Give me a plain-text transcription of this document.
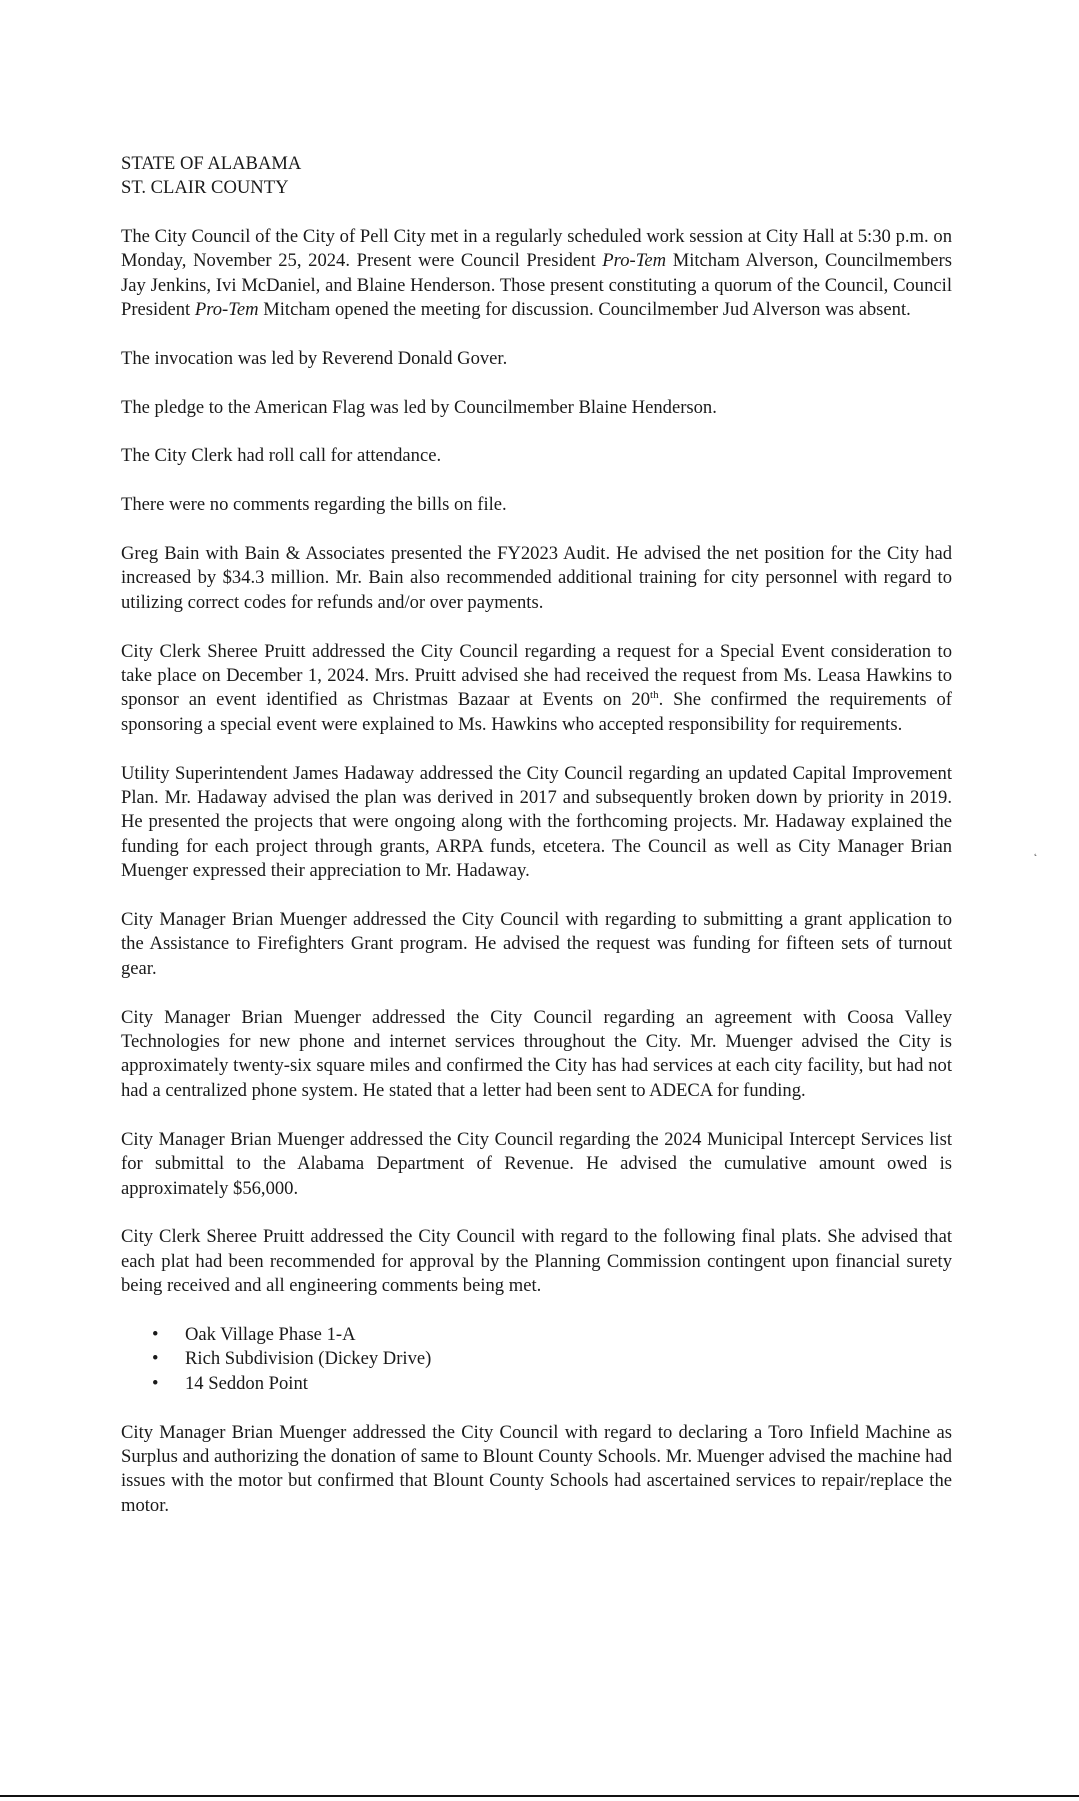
STATE OF ALABAMA
ST. CLAIR COUNTY

The City Council of the City of Pell City met in a regularly scheduled work session at City Hall at 5:30 p.m. on Monday, November 25, 2024. Present were Council President Pro-Tem Mitcham Alverson, Councilmembers Jay Jenkins, Ivi McDaniel, and Blaine Henderson. Those present constituting a quorum of the Council, Council President Pro-Tem Mitcham opened the meeting for discussion. Councilmember Jud Alverson was absent.

The invocation was led by Reverend Donald Gover.

The pledge to the American Flag was led by Councilmember Blaine Henderson.

The City Clerk had roll call for attendance.

There were no comments regarding the bills on file.

Greg Bain with Bain & Associates presented the FY2023 Audit. He advised the net position for the City had increased by $34.3 million. Mr. Bain also recommended additional training for city personnel with regard to utilizing correct codes for refunds and/or over payments.

City Clerk Sheree Pruitt addressed the City Council regarding a request for a Special Event consideration to take place on December 1, 2024. Mrs. Pruitt advised she had received the request from Ms. Leasa Hawkins to sponsor an event identified as Christmas Bazaar at Events on 20th. She confirmed the requirements of sponsoring a special event were explained to Ms. Hawkins who accepted responsibility for requirements.

Utility Superintendent James Hadaway addressed the City Council regarding an updated Capital Improvement Plan. Mr. Hadaway advised the plan was derived in 2017 and subsequently broken down by priority in 2019. He presented the projects that were ongoing along with the forthcoming projects. Mr. Hadaway explained the funding for each project through grants, ARPA funds, etcetera. The Council as well as City Manager Brian Muenger expressed their appreciation to Mr. Hadaway.

City Manager Brian Muenger addressed the City Council with regarding to submitting a grant application to the Assistance to Firefighters Grant program. He advised the request was funding for fifteen sets of turnout gear.

City Manager Brian Muenger addressed the City Council regarding an agreement with Coosa Valley Technologies for new phone and internet services throughout the City. Mr. Muenger advised the City is approximately twenty-six square miles and confirmed the City has had services at each city facility, but had not had a centralized phone system. He stated that a letter had been sent to ADECA for funding.

City Manager Brian Muenger addressed the City Council regarding the 2024 Municipal Intercept Services list for submittal to the Alabama Department of Revenue. He advised the cumulative amount owed is approximately $56,000.

City Clerk Sheree Pruitt addressed the City Council with regard to the following final plats. She advised that each plat had been recommended for approval by the Planning Commission contingent upon financial surety being received and all engineering comments being met.

• Oak Village Phase 1-A
• Rich Subdivision (Dickey Drive)
• 14 Seddon Point

City Manager Brian Muenger addressed the City Council with regard to declaring a Toro Infield Machine as Surplus and authorizing the donation of same to Blount County Schools. Mr. Muenger advised the machine had issues with the motor but confirmed that Blount County Schools had ascertained services to repair/replace the motor.

˛
